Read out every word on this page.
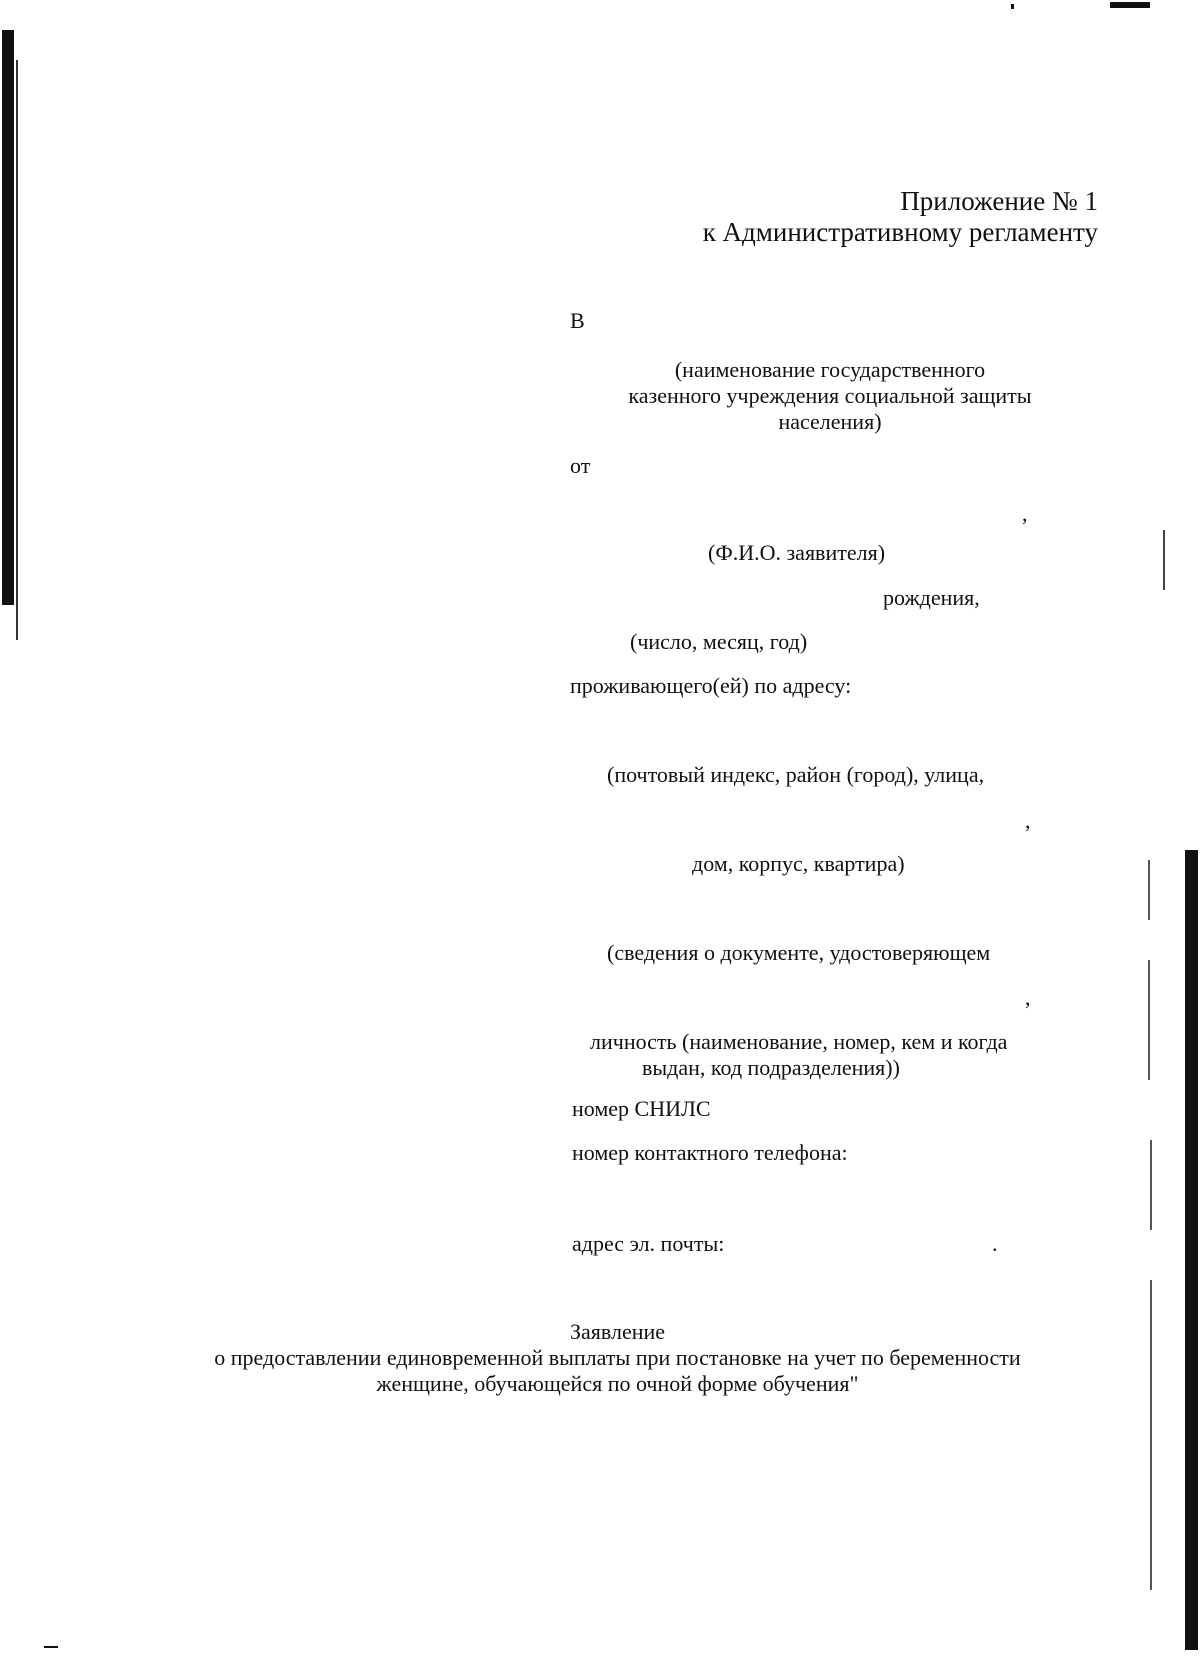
Приложение № 1
к Административному регламенту
В
(наименование государственного
казенного учреждения социальной защиты
населения)
от
,
(Ф.И.О. заявителя)
рождения,
(число, месяц, год)
проживающего(ей) по адресу:
(почтовый индекс, район (город), улица,
,
дом, корпус, квартира)
(сведения о документе, удостоверяющем
,
личность (наименование, номер, кем и когда
выдан, код подразделения))
номер СНИЛС
номер контактного телефона:
адрес эл. почты:	.
Заявление
о предоставлении единовременной выплаты при постановке на учет по беременности
женщине, обучающейся по очной форме обучения"
